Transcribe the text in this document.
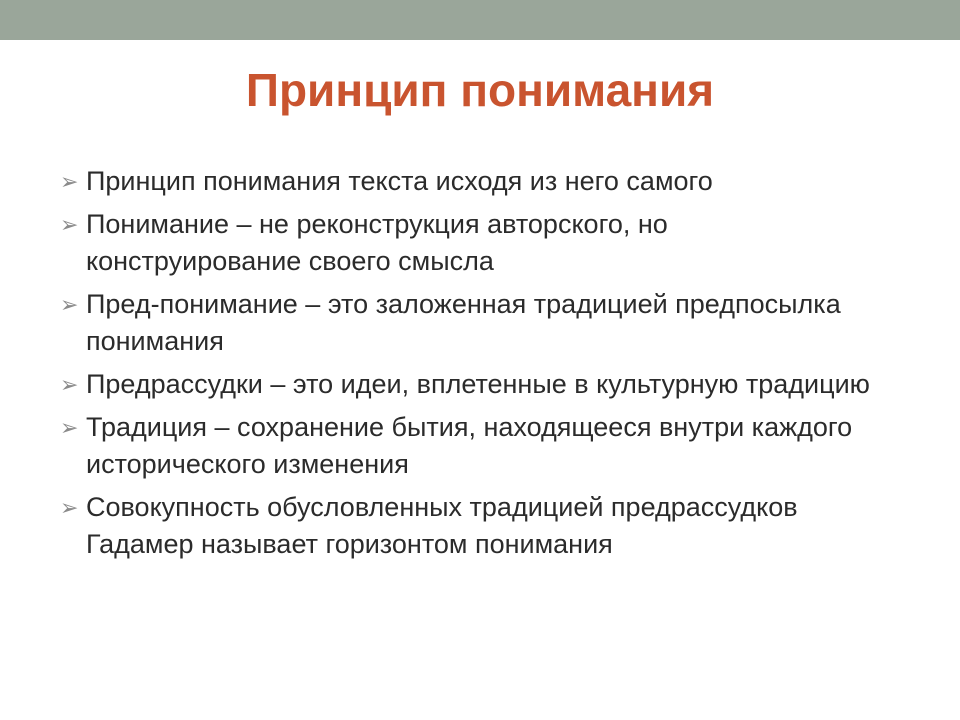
Принцип понимания
➢ Принцип понимания текста исходя из него самого
➢ Понимание – не реконструкция авторского, но конструирование своего смысла
➢ Пред-понимание – это заложенная традицией предпосылка понимания
➢ Предрассудки – это идеи, вплетенные в культурную традицию
➢ Традиция – сохранение бытия, находящееся внутри каждого исторического изменения
➢ Совокупность обусловленных традицией предрассудков Гадамер называет горизонтом понимания
